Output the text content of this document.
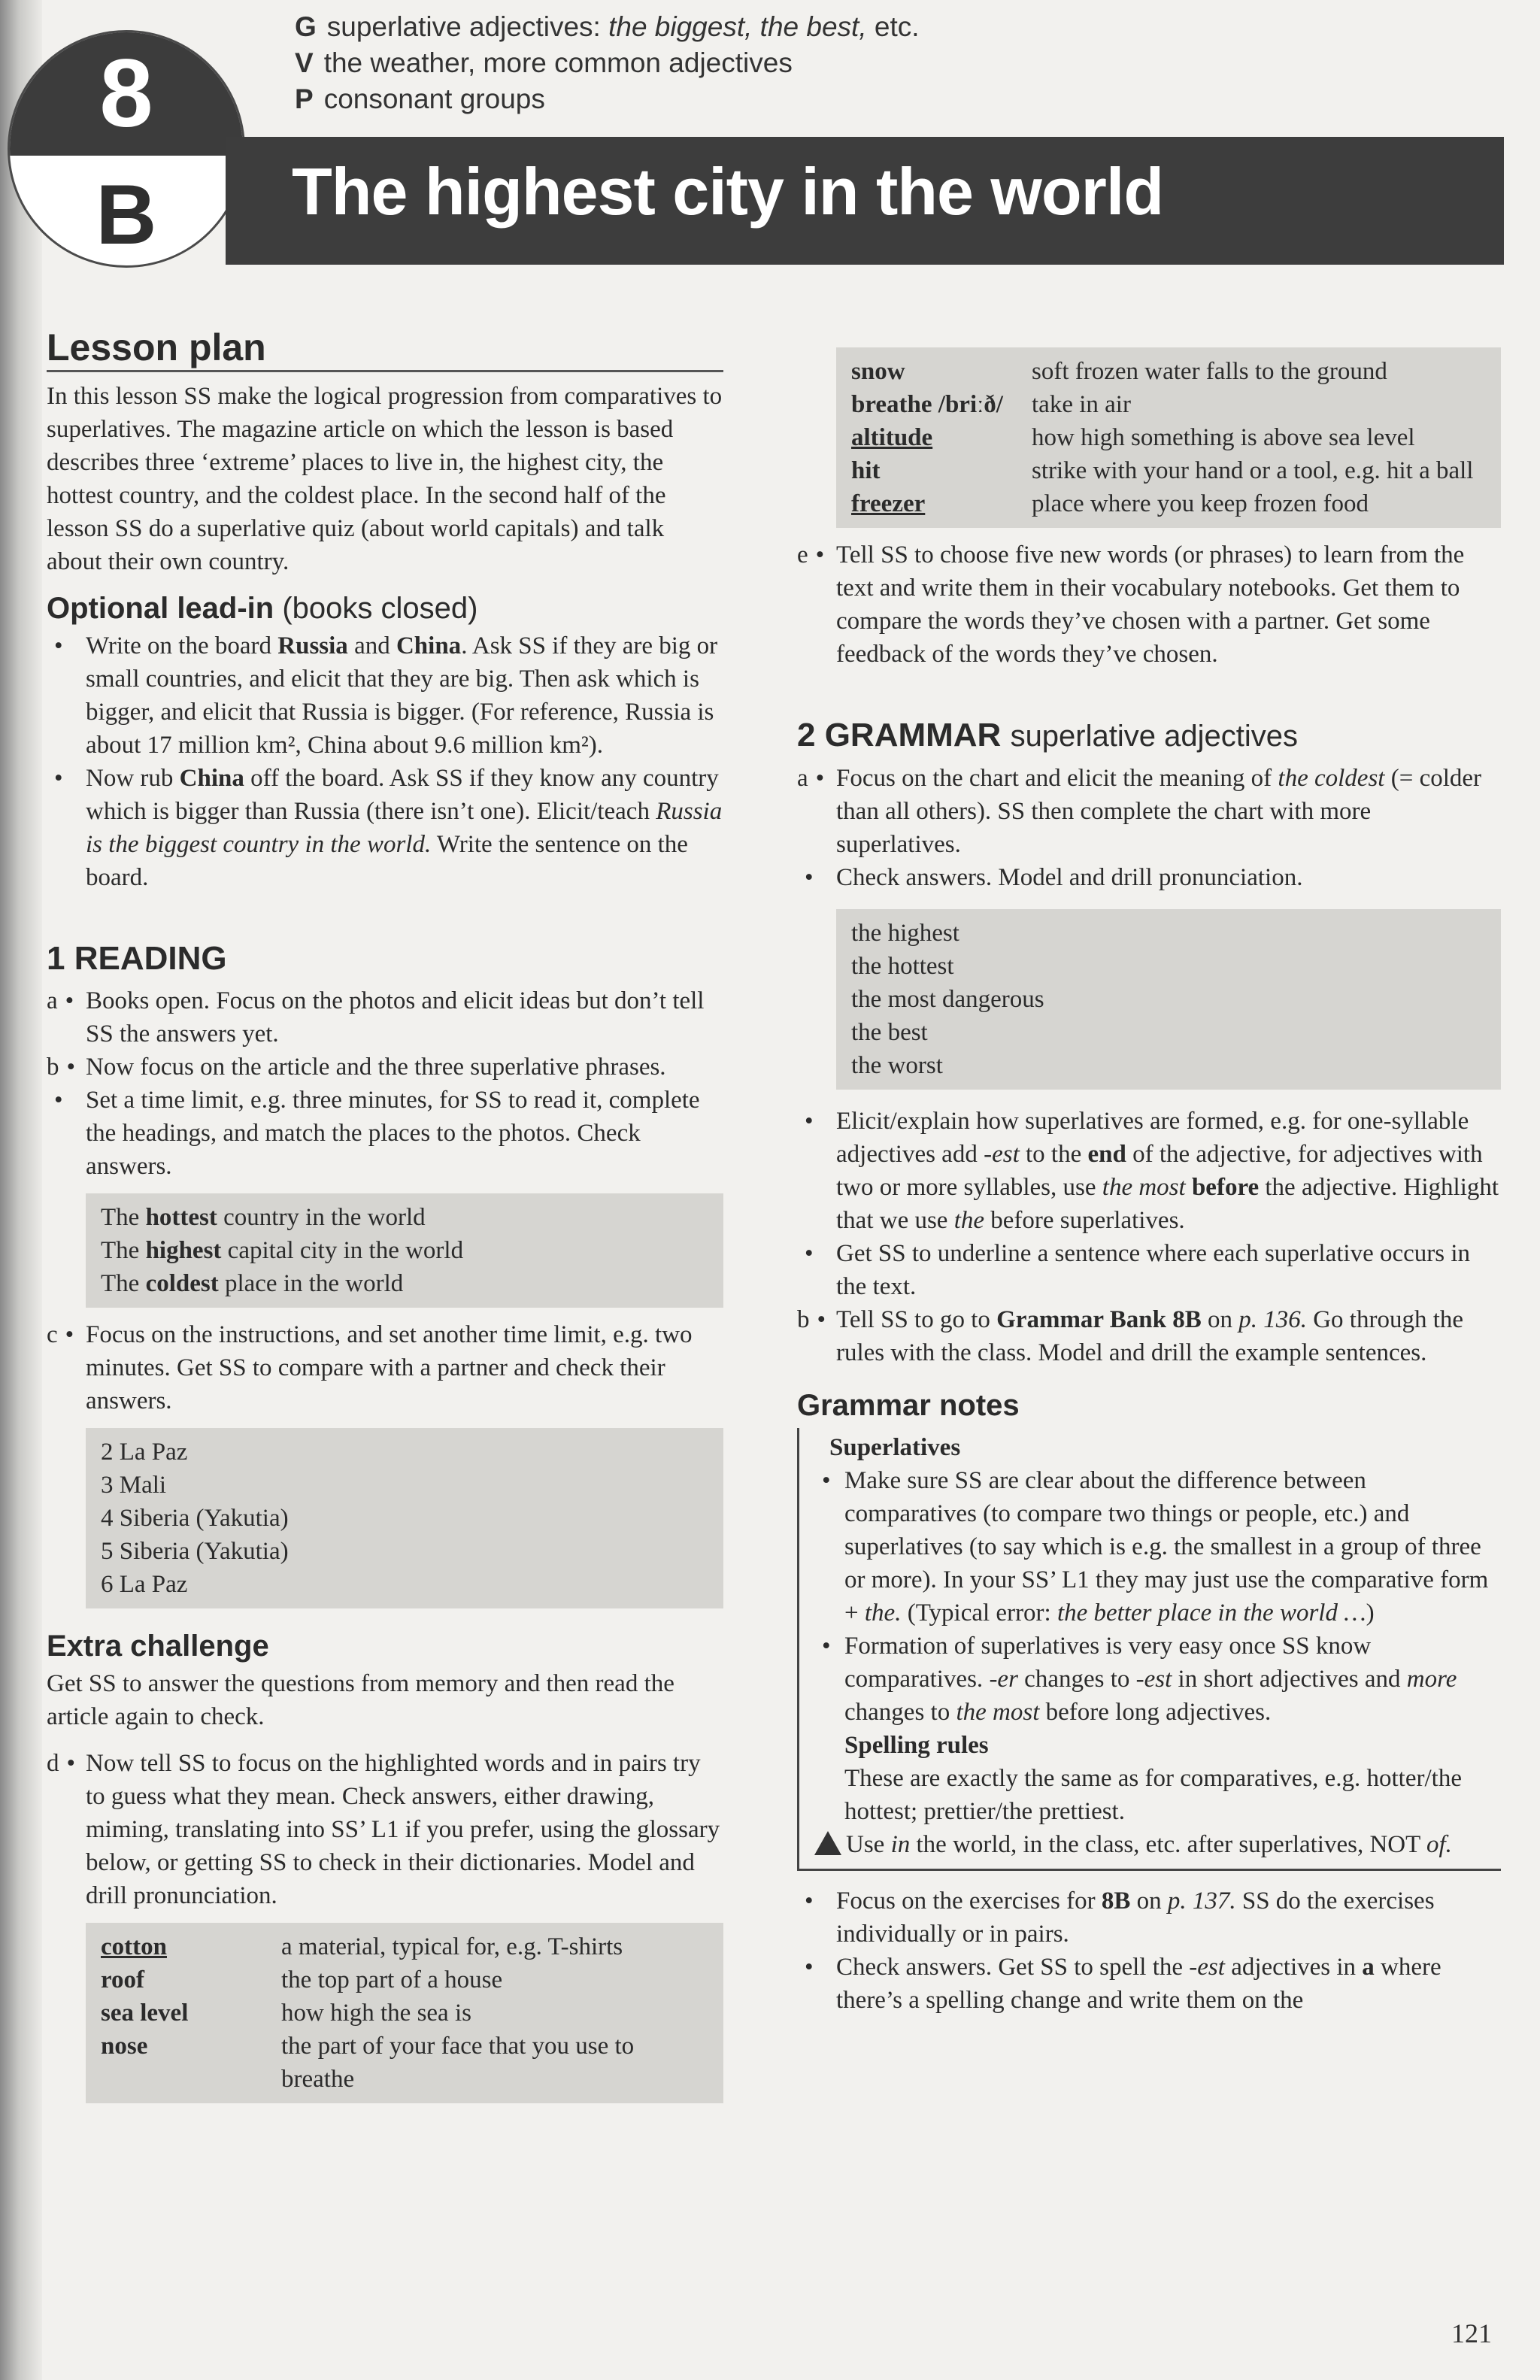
8
B
G superlative adjectives: the biggest, the best, etc.
V the weather, more common adjectives
P consonant groups
The highest city in the world
Lesson plan

In this lesson SS make the logical progression from comparatives to superlatives. The magazine article on which the lesson is based describes three ‘extreme’ places to live in, the highest city, the hottest country, and the coldest place. In the second half of the lesson SS do a superlative quiz (about world capitals) and talk about their own country.

Optional lead-in (books closed)
• Write on the board Russia and China. Ask SS if they are big or small countries, and elicit that they are big. Then ask which is bigger, and elicit that Russia is bigger. (For reference, Russia is about 17 million km², China about 9.6 million km²).
• Now rub China off the board. Ask SS if they know any country which is bigger than Russia (there isn’t one). Elicit/teach Russia is the biggest country in the world. Write the sentence on the board.
1 READING
a • Books open. Focus on the photos and elicit ideas but don’t tell SS the answers yet.
b • Now focus on the article and the three superlative phrases.
• Set a time limit, e.g. three minutes, for SS to read it, complete the headings, and match the places to the photos. Check answers.
The hottest country in the world
The highest capital city in the world
The coldest place in the world
c • Focus on the instructions, and set another time limit, e.g. two minutes. Get SS to compare with a partner and check their answers.
2 La Paz
3 Mali
4 Siberia (Yakutia)
5 Siberia (Yakutia)
6 La Paz
Extra challenge

Get SS to answer the questions from memory and then read the article again to check.

d • Now tell SS to focus on the highlighted words and in pairs try to guess what they mean. Check answers, either drawing, miming, translating into SS’ L1 if you prefer, using the glossary below, or getting SS to check in their dictionaries. Model and drill pronunciation.
cotton	a material, typical for, e.g. T-shirts
roof	the top part of a house
sea level	how high the sea is
nose	the part of your face that you use to breathe
snow	soft frozen water falls to the ground
breathe /briːð/	take in air
altitude	how high something is above sea level
hit	strike with your hand or a tool, e.g. hit a ball
freezer	place where you keep frozen food
e • Tell SS to choose five new words (or phrases) to learn from the text and write them in their vocabulary notebooks. Get them to compare the words they’ve chosen with a partner. Get some feedback of the words they’ve chosen.
2 GRAMMAR superlative adjectives
a • Focus on the chart and elicit the meaning of the coldest (= colder than all others). SS then complete the chart with more superlatives.
• Check answers. Model and drill pronunciation.
the highest
the hottest
the most dangerous
the best
the worst
• Elicit/explain how superlatives are formed, e.g. for one-syllable adjectives add -est to the end of the adjective, for adjectives with two or more syllables, use the most before the adjective. Highlight that we use the before superlatives.
• Get SS to underline a sentence where each superlative occurs in the text.
b • Tell SS to go to Grammar Bank 8B on p. 136. Go through the rules with the class. Model and drill the example sentences.
Grammar notes
Superlatives
• Make sure SS are clear about the difference between comparatives (to compare two things or people, etc.) and superlatives (to say which is e.g. the smallest in a group of three or more). In your SS’ L1 they may just use the comparative form + the. (Typical error: the better place in the world …)
• Formation of superlatives is very easy once SS know comparatives. -er changes to -est in short adjectives and more changes to the most before long adjectives.
Spelling rules

These are exactly the same as for comparatives, e.g. hotter/the hottest; prettier/the prettiest.

Use in the world, in the class, etc. after superlatives, NOT of.
• Focus on the exercises for 8B on p. 137. SS do the exercises individually or in pairs.
• Check answers. Get SS to spell the -est adjectives in a where there’s a spelling change and write them on the
121
